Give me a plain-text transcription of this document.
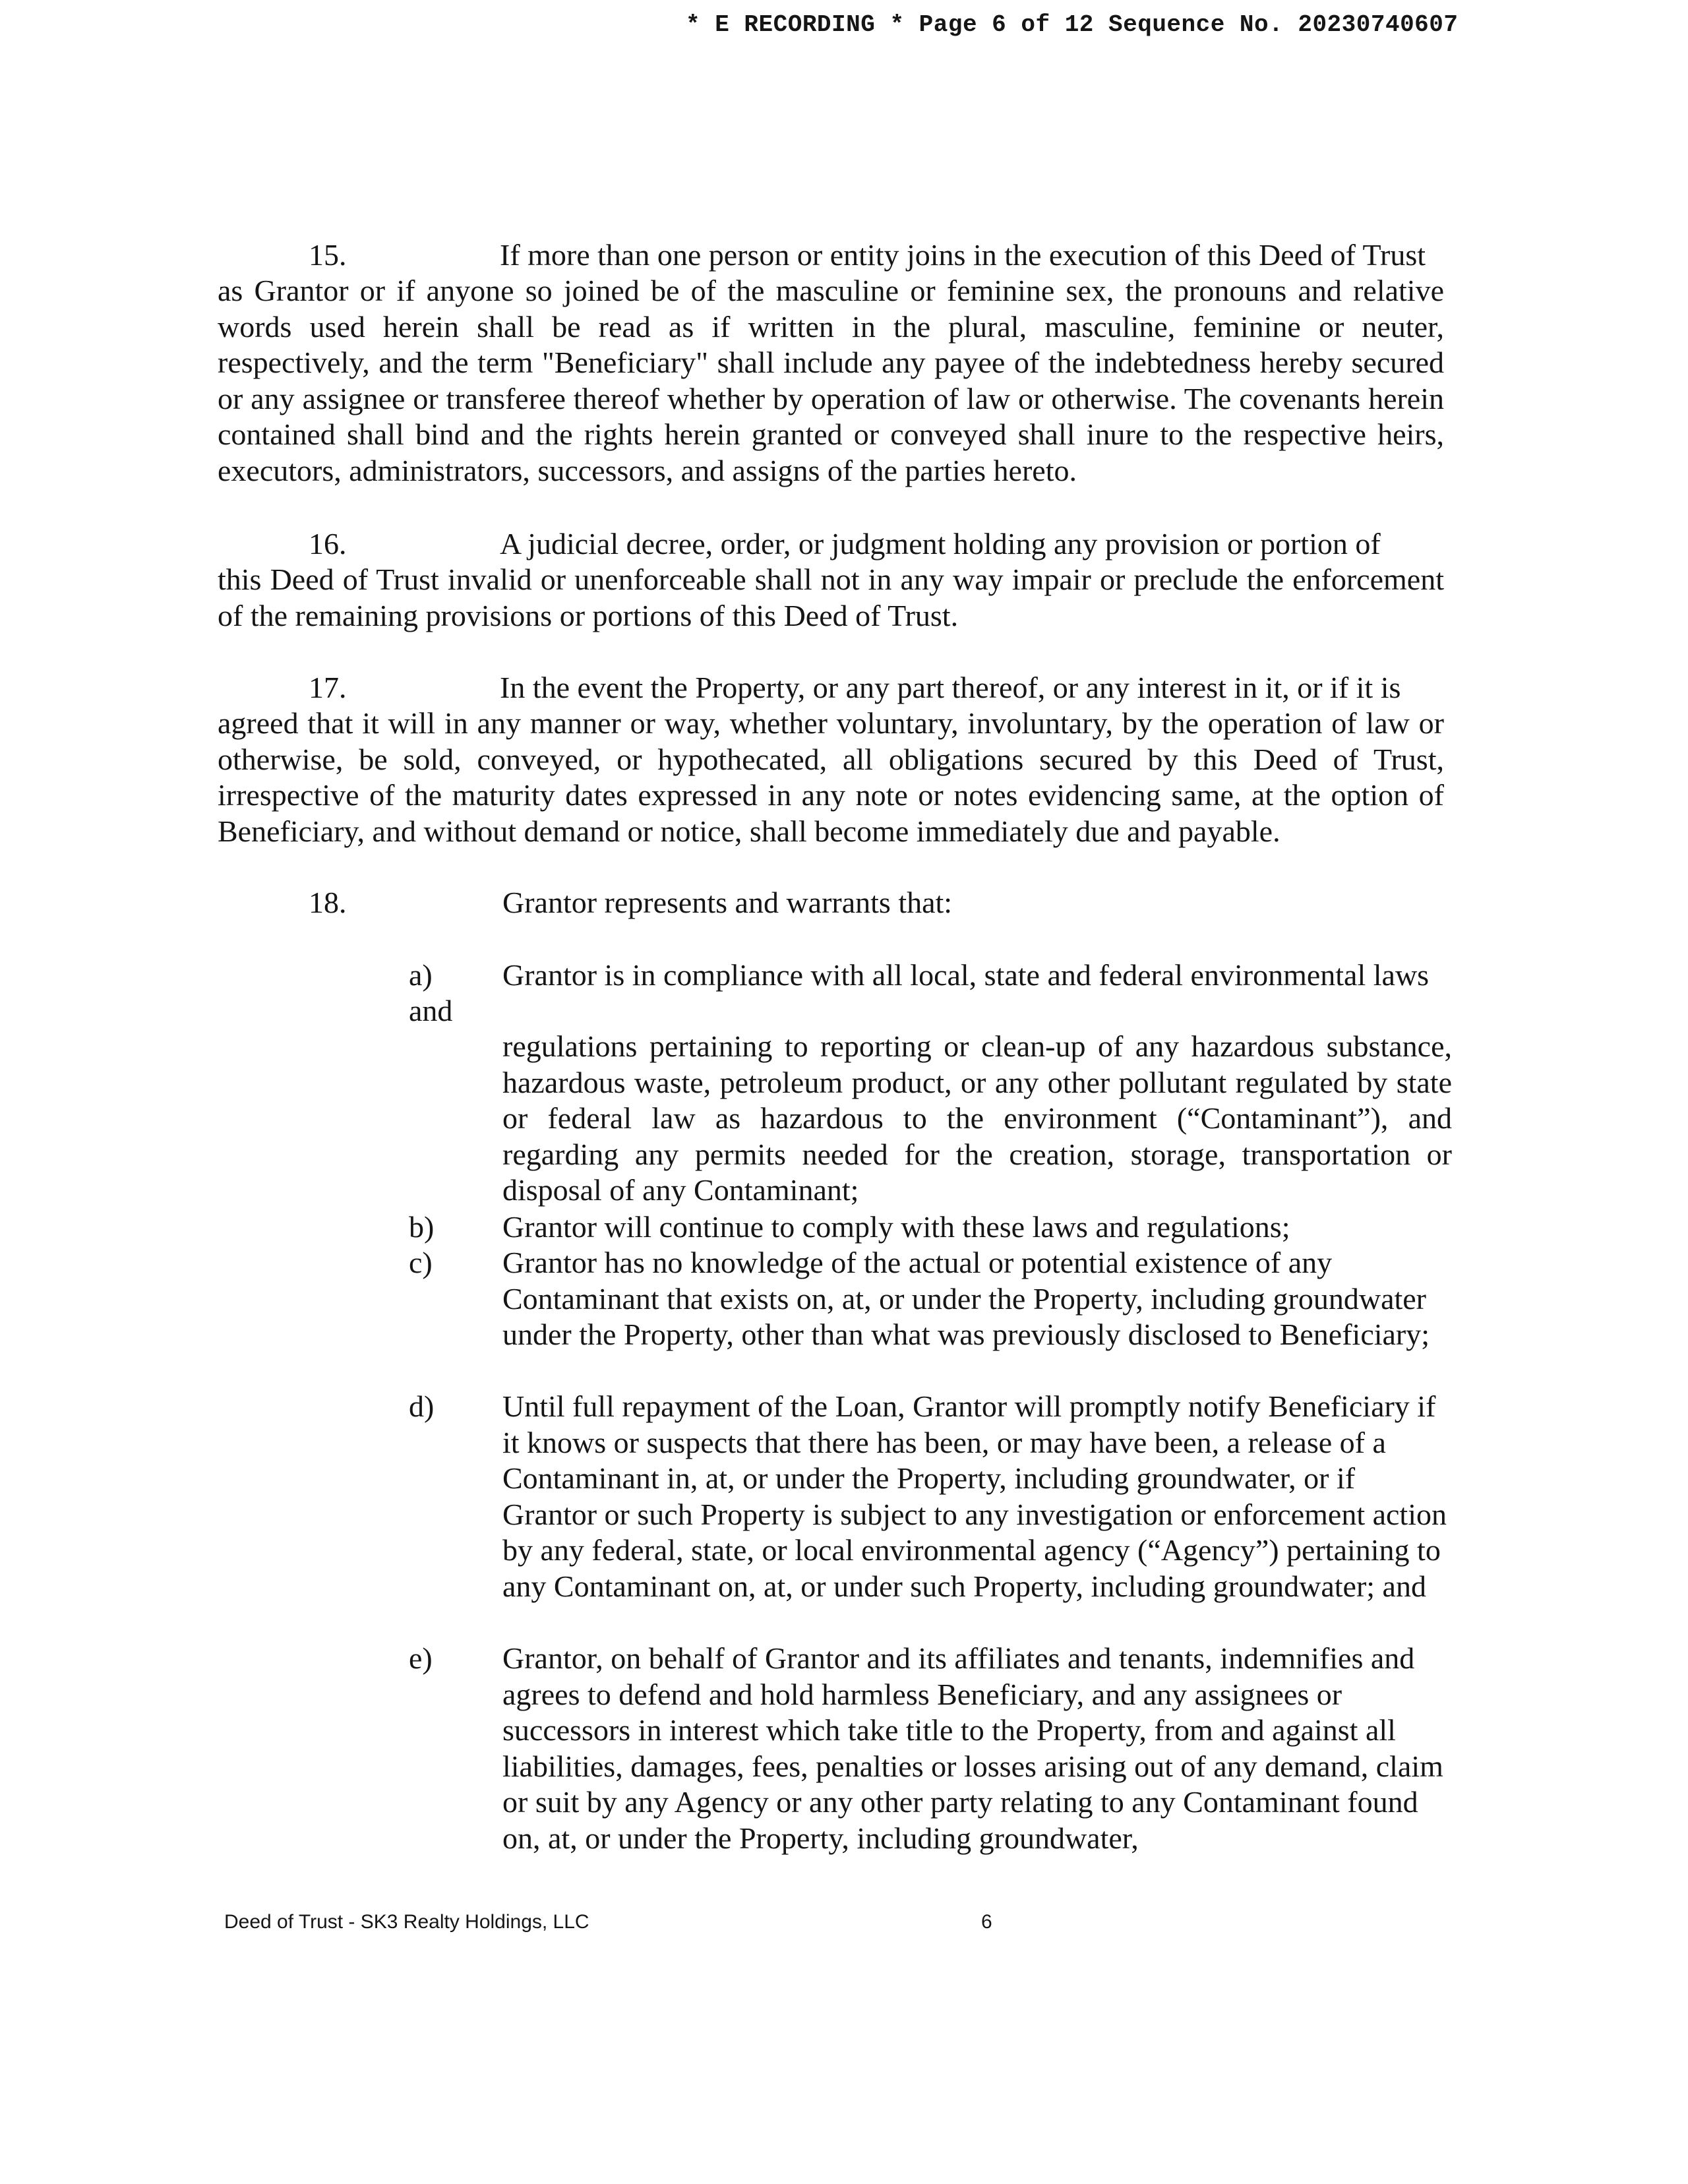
* E RECORDING * Page 6 of 12 Sequence No. 20230740607
15.	If more than one person or entity joins in the execution of this Deed of Trust
as Grantor or if anyone so joined be of the masculine or feminine sex, the pronouns and relative words used herein shall be read as if written in the plural, masculine, feminine or neuter, respectively, and the term "Beneficiary" shall include any payee of the indebtedness hereby secured or any assignee or transferee thereof whether by operation of law or otherwise. The covenants herein contained shall bind and the rights herein granted or conveyed shall inure to the respective heirs, executors, administrators, successors, and assigns of the parties hereto.
16.	A judicial decree, order, or judgment holding any provision or portion of
this Deed of Trust invalid or unenforceable shall not in any way impair or preclude the enforcement of the remaining provisions or portions of this Deed of Trust.
17.	In the event the Property, or any part thereof, or any interest in it, or if it is
agreed that it will in any manner or way, whether voluntary, involuntary, by the operation of law or otherwise, be sold, conveyed, or hypothecated, all obligations secured by this Deed of Trust, irrespective of the maturity dates expressed in any note or notes evidencing same, at the option of Beneficiary, and without demand or notice, shall become immediately due and payable.
18.	Grantor represents and warrants that:
a) Grantor is in compliance with all local, state and federal environmental laws
and
regulations pertaining to reporting or clean-up of any hazardous substance, hazardous waste, petroleum product, or any other pollutant regulated by state or federal law as hazardous to the environment (“Contaminant”), and regarding any permits needed for the creation, storage, transportation or disposal of any Contaminant;
b) Grantor will continue to comply with these laws and regulations;
c) Grantor has no knowledge of the actual or potential existence of any Contaminant that exists on, at, or under the Property, including groundwater under the Property, other than what was previously disclosed to Beneficiary;
d) Until full repayment of the Loan, Grantor will promptly notify Beneficiary if it knows or suspects that there has been, or may have been, a release of a Contaminant in, at, or under the Property, including groundwater, or if Grantor or such Property is subject to any investigation or enforcement action by any federal, state, or local environmental agency (“Agency”) pertaining to any Contaminant on, at, or under such Property, including groundwater; and
e) Grantor, on behalf of Grantor and its affiliates and tenants, indemnifies and agrees to defend and hold harmless Beneficiary, and any assignees or successors in interest which take title to the Property, from and against all liabilities, damages, fees, penalties or losses arising out of any demand, claim or suit by any Agency or any other party relating to any Contaminant found on, at, or under the Property, including groundwater,
Deed of Trust - SK3 Realty Holdings, LLC	6
